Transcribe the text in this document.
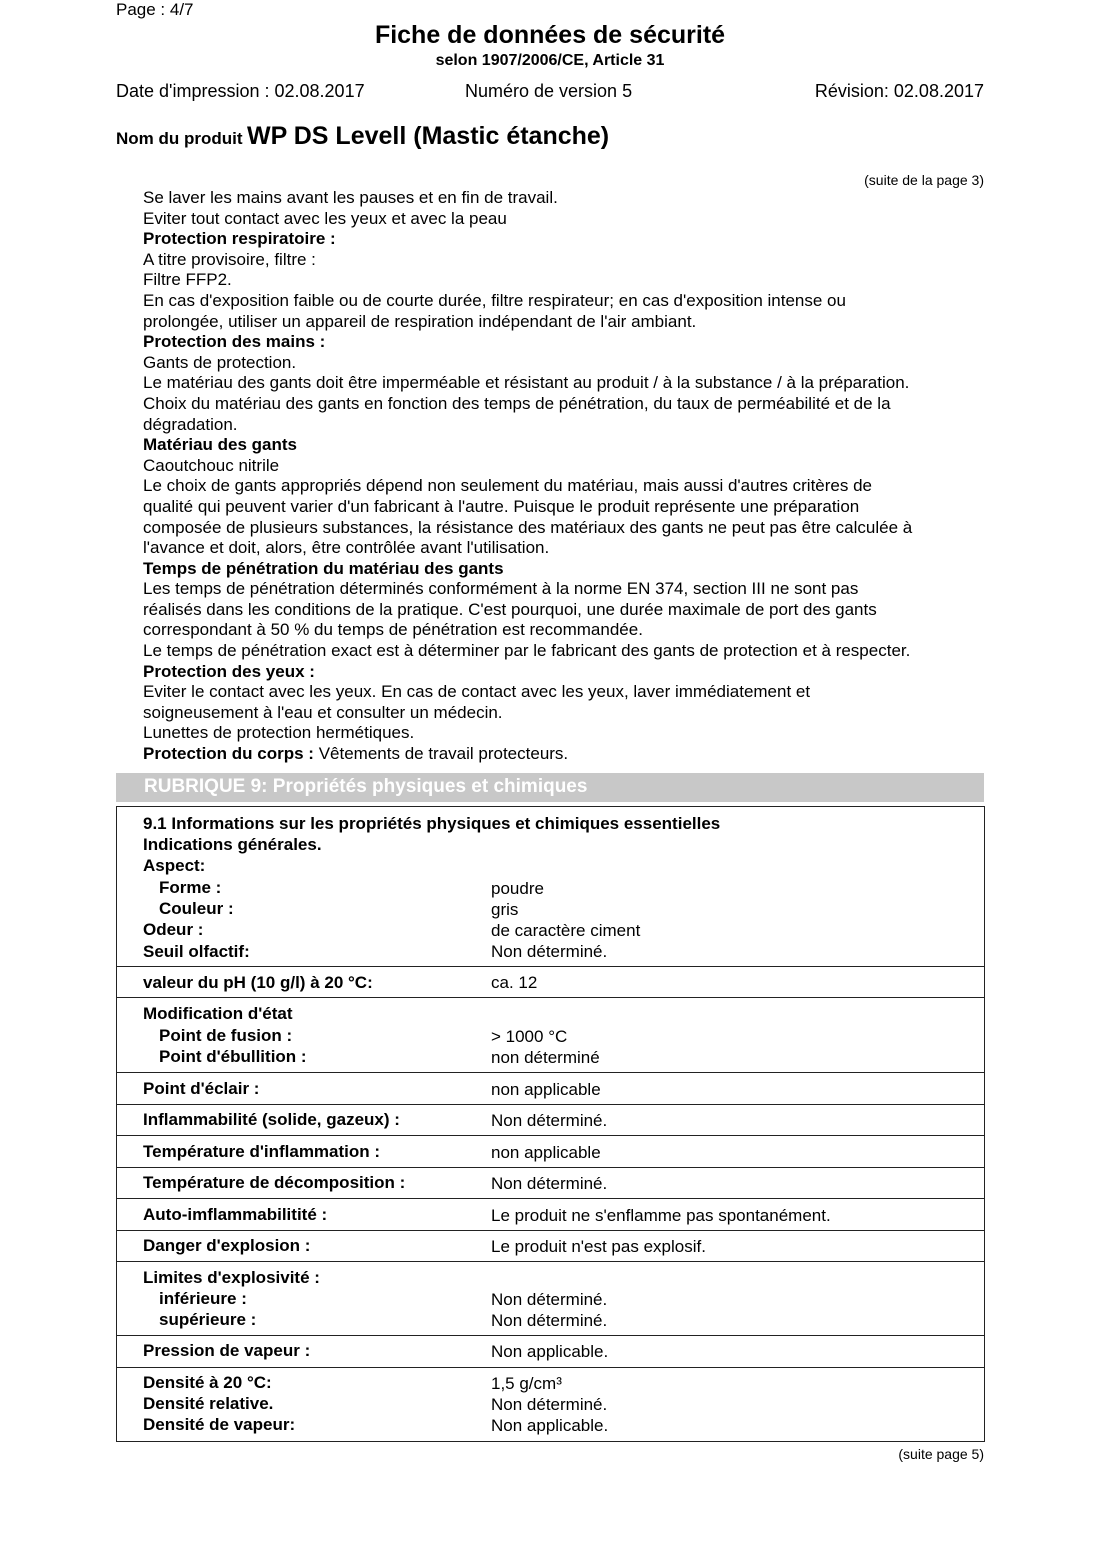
Page : 4/7
Fiche de données de sécurité
selon 1907/2006/CE, Article 31
Date d'impression : 02.08.2017	Numéro de version 5	Révision: 02.08.2017
Nom du produit WP DS Levell (Mastic étanche)
(suite de la page 3)

Se laver les mains avant les pauses et en fin de travail.

Eviter tout contact avec les yeux et avec la peau

Protection respiratoire :

A titre provisoire, filtre :

Filtre FFP2.

En cas d'exposition faible ou de courte durée, filtre respirateur; en cas d'exposition intense ou

prolongée, utiliser un appareil de respiration indépendant de l'air ambiant.

Protection des mains :

Gants de protection.

Le matériau des gants doit être imperméable et résistant au produit / à la substance / à la préparation.

Choix du matériau des gants en fonction des temps de pénétration, du taux de perméabilité et de la

dégradation.

Matériau des gants

Caoutchouc nitrile

Le choix de gants appropriés dépend non seulement du matériau, mais aussi d'autres critères de

qualité qui peuvent varier d'un fabricant à l'autre. Puisque le produit représente une préparation

composée de plusieurs substances, la résistance des matériaux des gants ne peut pas être calculée à

l'avance et doit, alors, être contrôlée avant l'utilisation.

Temps de pénétration du matériau des gants

Les temps de pénétration déterminés conformément à la norme EN 374, section III ne sont pas

réalisés dans les conditions de la pratique. C'est pourquoi, une durée maximale de port des gants

correspondant à 50 % du temps de pénétration est recommandée.

Le temps de pénétration exact est à déterminer par le fabricant des gants de protection et à respecter.

Protection des yeux :

Eviter le contact avec les yeux. En cas de contact avec les yeux, laver immédiatement et

soigneusement à l'eau et consulter un médecin.

Lunettes de protection hermétiques.

Protection du corps : Vêtements de travail protecteurs.

RUBRIQUE 9: Propriétés physiques et chimiques
9.1 Informations sur les propriétés physiques et chimiques essentielles
Indications générales.
Aspect:
Forme :	poudre
Couleur :	gris
Odeur :	de caractère ciment
Seuil olfactif:	Non déterminé.
valeur du pH (10 g/l) à 20 °C:	ca. 12
Modification d'état
Point de fusion :	> 1000 °C
Point d'ébullition :	non déterminé
Point d'éclair :	non applicable
Inflammabilité (solide, gazeux) :	Non déterminé.
Température d'inflammation :	non applicable
Température de décomposition :	Non déterminé.
Auto-imflammabilitité :	Le produit ne s'enflamme pas spontanément.
Danger d'explosion :	Le produit n'est pas explosif.
Limites d'explosivité :
inférieure :	Non déterminé.
supérieure :	Non déterminé.
Pression de vapeur :	Non applicable.
Densité à 20 °C:	1,5 g/cm³
Densité relative.	Non déterminé.
Densité de vapeur:	Non applicable.
(suite page 5)
